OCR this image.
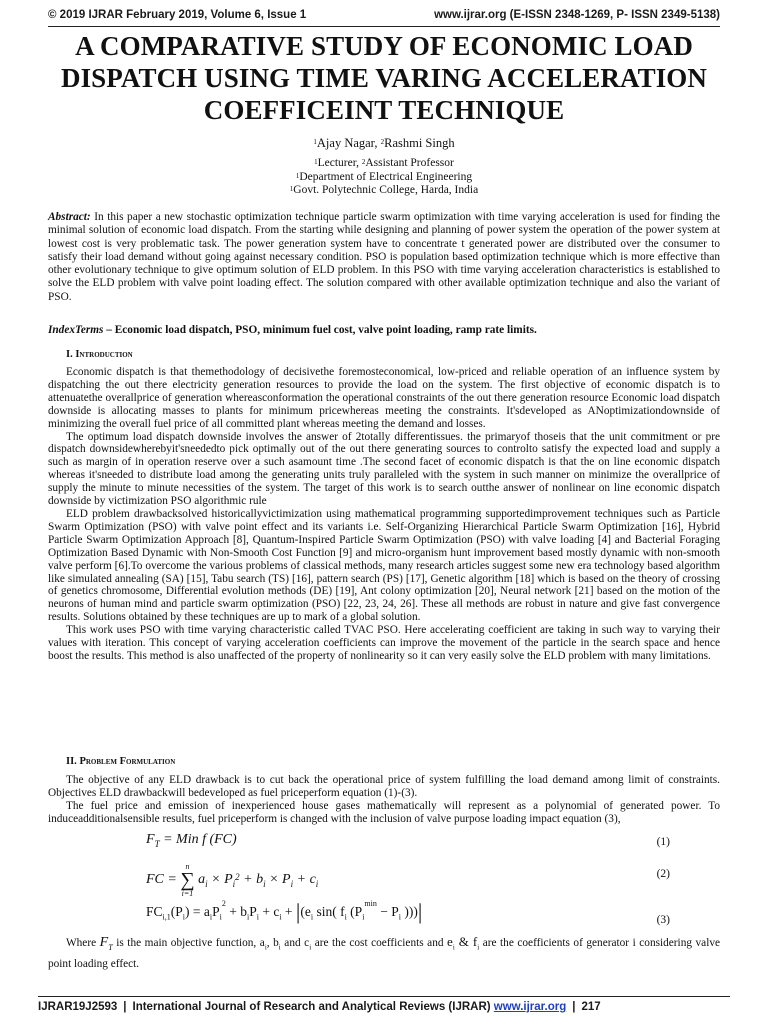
© 2019 IJRAR February 2019, Volume 6, Issue 1	www.ijrar.org (E-ISSN 2348-1269, P- ISSN 2349-5138)
A COMPARATIVE STUDY OF ECONOMIC LOAD DISPATCH USING TIME VARING ACCELERATION COEFFICEINT TECHNIQUE
$^1$Ajay Nagar, $^2$Rashmi Singh
$^1$Lecturer, $^2$Assistant Professor
$^1$Department of Electrical Engineering
$^1$Govt. Polytechnic College, Harda, India
Abstract: In this paper a new stochastic optimization technique particle swarm optimization with time varying acceleration is used for finding the minimal solution of economic load dispatch. From the starting while designing and planning of power system the operation of the power system at lowest cost is very problematic task. The power generation system have to concentrate t generated power are distributed over the consumer to satisfy their load demand without going against necessary condition. PSO is population based optimization technique which is more effective than other evolutionary technique to give optimum solution of ELD problem. In this PSO with time varying acceleration characteristics is established to solve the ELD problem with valve point loading effect. The solution compared with other available optimization technique and also the variant of PSO.
IndexTerms – Economic load dispatch, PSO, minimum fuel cost, valve point loading, ramp rate limits.
I. Introduction

Economic dispatch is that themethodology of decisivethe foremosteconomical, low-priced and reliable operation of an influence system by dispatching the out there electricity generation resources to provide the load on the system. The first objective of economic dispatch is to attenuatethe overallprice of generation whereasconformation the operational constraints of the out there generation resource Economic load dispatch downside is allocating masses to plants for minimum pricewhereas meeting the constraints. It'sdeveloped as ANoptimizationdownside of minimizing the overall fuel price of all committed plant whereas meeting the demand and losses.

The optimum load dispatch downside involves the answer of 2totally differentissues. the primaryof thoseis that the unit commitment or pre dispatch downsidewherebyit'sneededto pick optimally out of the out there generating sources to controlto satisfy the expected load and supply a such as margin of in operation reserve over a such asamount time .The second facet of economic dispatch is that the on line economic dispatch whereas it'sneeded to distribute load among the generating units truly paralleled with the system in such manner on minimize the overallprice of supply the minute to minute necessities of the system. The target of this work is to search outthe answer of nonlinear on line economic dispatch downside by victimization PSO algorithmic rule

ELD problem drawbacksolved historicallyvictimization using mathematical programming supportedimprovement techniques such as Particle Swarm Optimization (PSO) with valve point effect and its variants i.e. Self-Organizing Hierarchical Particle Swarm Optimization [16], Hybrid Particle Swarm Optimization Approach [8], Quantum-Inspired Particle Swarm Optimization (PSO) with valve loading [4] and Bacterial Foraging Optimization Based Dynamic with Non-Smooth Cost Function [9] and micro-organism hunt improvement based mostly dynamic with non-smooth valve perform [6].To overcome the various problems of classical methods, many research articles suggest some new era technology based algorithm like simulated annealing (SA) [15], Tabu search (TS) [16], pattern search (PS) [17], Genetic algorithm [18] which is based on the theory of crossing of genetics chromosome, Differential evolution methods (DE) [19], Ant colony optimization [20], Neural network [21] based on the motion of the neurons of human mind and particle swarm optimization (PSO) [22, 23, 24, 26]. These all methods are robust in nature and give fast convergence results. Solutions obtained by these techniques are up to mark of a global solution.

This work uses PSO with time varying characteristic called TVAC PSO. Here accelerating coefficient are taking in such way to varying their values with iteration. This concept of varying acceleration coefficients can improve the movement of the particle in the search space and hence boost the results. This method is also unaffected of the property of nonlinearity so it can very easily solve the ELD problem with many limitations.

II. Problem Formulation

The objective of any ELD drawback is to cut back the operational price of system fulfilling the load demand among limit of constraints. Objectives ELD drawbackwill bedeveloped as fuel priceperform equation (1)-(3).

The fuel price and emission of inexperienced house gases mathematically will represent as a polynomial of generated power. To induceadditionalsensible results, fuel priceperform is changed with the inclusion of valve purpose loading impact equation (3),

$F_T$ = Min f (FC)	(1)
FC =
n
∑
i=1
$a_i \times P_i^2 + b_i \times P_i + c_i$
(2)
$FC_{i,1}(P_i) = a_iP_i^2 + b_iP_i + c_i + |(e_i$ sin( $f_i$ ($P_i^{min} - P_i$ )))|	(3)

Where $F_T$ is the main objective function, $a_i$, $b_i$ and $c_i$ are the cost coefficients and $e_i$ & $f_i$ are the coefficients of generator i considering valve point loading effect.

IJRAR19J2593 | International Journal of Research and Analytical Reviews (IJRAR) www.ijrar.org | 217
